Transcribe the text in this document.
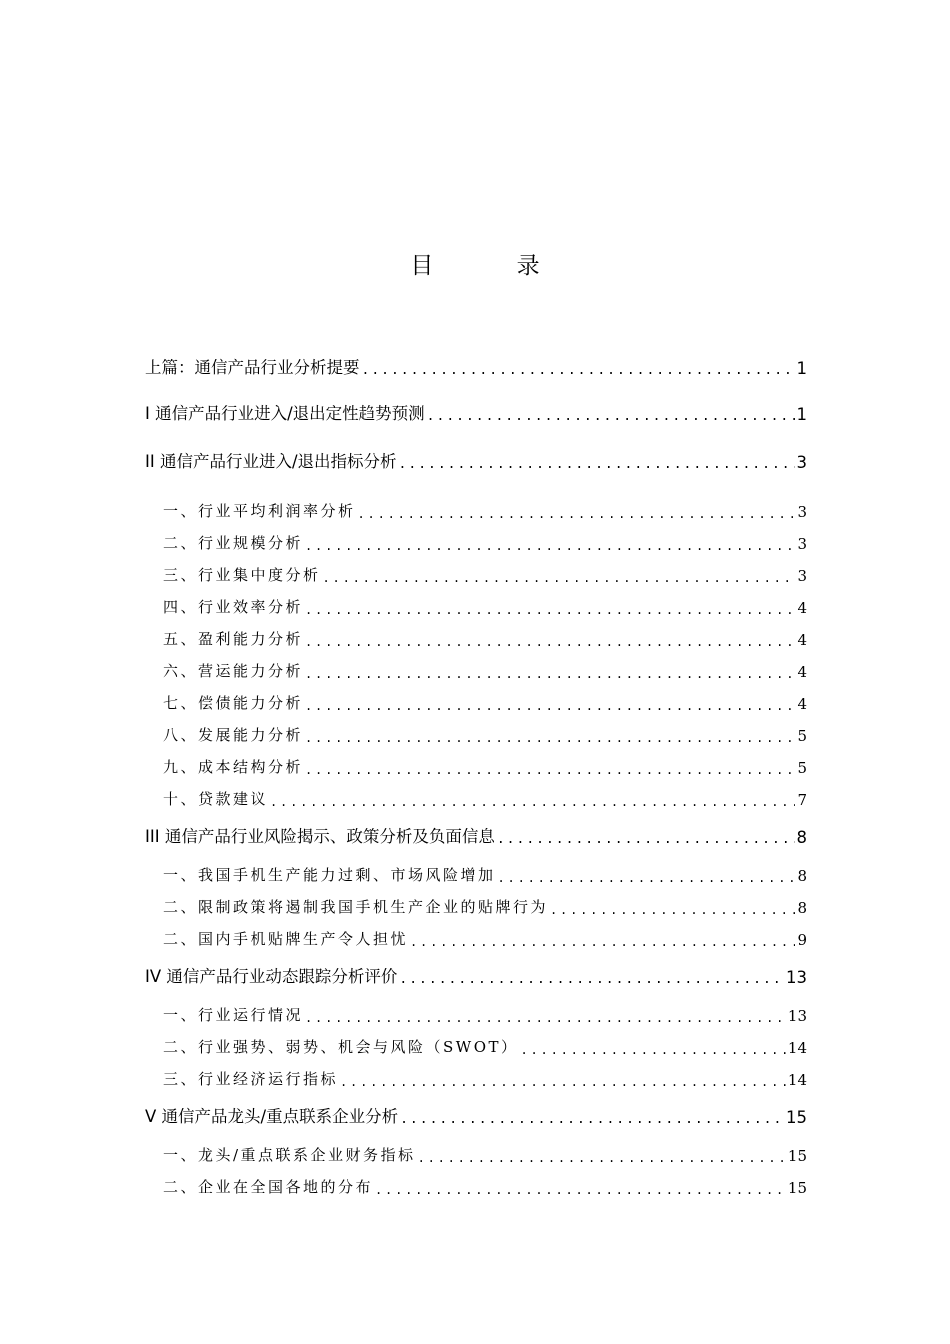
目 录
上篇：通信产品行业分析提要 .....	1
I 通信产品行业进入/退出定性趋势预测 .....	1
II 通信产品行业进入/退出指标分析 .....	3
一、行业平均利润率分析 .....	3
二、行业规模分析 .....	3
三、行业集中度分析 .....	3
四、行业效率分析 .....	4
五、盈利能力分析 .....	4
六、营运能力分析 .....	4
七、偿债能力分析 .....	4
八、发展能力分析 .....	5
九、成本结构分析 .....	5
十、贷款建议 .....	7
III 通信产品行业风险揭示、政策分析及负面信息 .....	8
一、我国手机生产能力过剩、市场风险增加 .....	8
二、限制政策将遏制我国手机生产企业的贴牌行为 .....	8
二、国内手机贴牌生产令人担忧 .....	9
IV 通信产品行业动态跟踪分析评价 .....	13
一、行业运行情况 .....	13
二、行业强势、弱势、机会与风险（SWOT） .....	14
三、行业经济运行指标 .....	14
V 通信产品龙头/重点联系企业分析 .....	15
一、龙头/重点联系企业财务指标 .....	15
二、企业在全国各地的分布 .....	15
